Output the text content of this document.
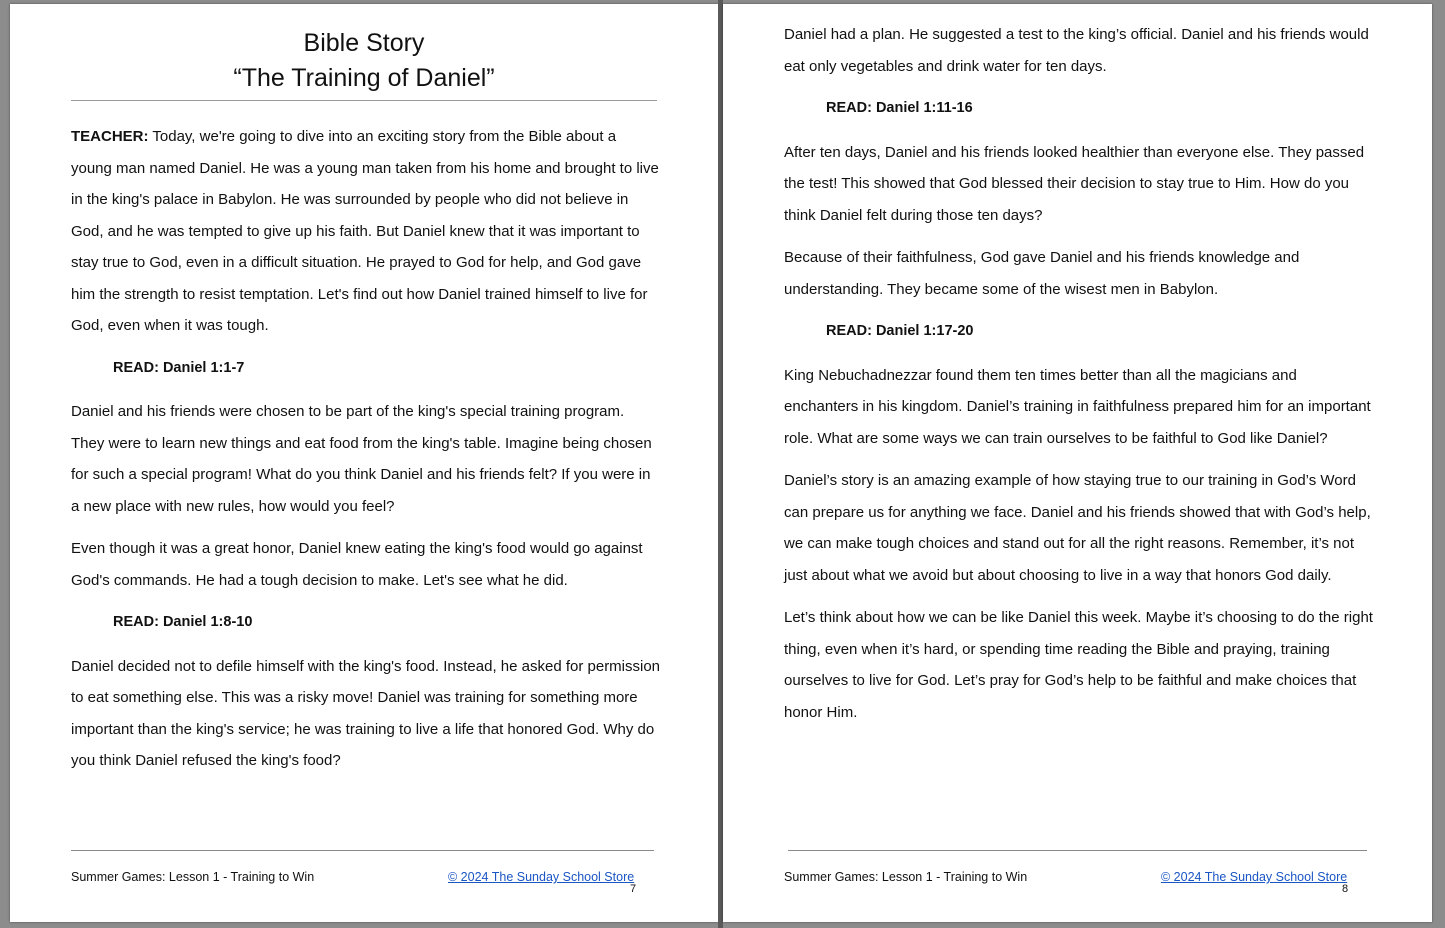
Bible Story
“The Training of Daniel”

TEACHER: Today, we're going to dive into an exciting story from the Bible about a young man named Daniel. He was a young man taken from his home and brought to live in the king's palace in Babylon. He was surrounded by people who did not believe in God, and he was tempted to give up his faith. But Daniel knew that it was important to stay true to God, even in a difficult situation. He prayed to God for help, and God gave him the strength to resist temptation. Let's find out how Daniel trained himself to live for God, even when it was tough.

READ: Daniel 1:1-7

Daniel and his friends were chosen to be part of the king's special training program. They were to learn new things and eat food from the king's table. Imagine being chosen for such a special program! What do you think Daniel and his friends felt? If you were in a new place with new rules, how would you feel?

Even though it was a great honor, Daniel knew eating the king's food would go against God's commands. He had a tough decision to make. Let's see what he did.

READ: Daniel 1:8-10

Daniel decided not to defile himself with the king's food. Instead, he asked for permission to eat something else. This was a risky move! Daniel was training for something more important than the king's service; he was training to live a life that honored God. Why do you think Daniel refused the king's food?

Summer Games: Lesson 1 - Training to Win	© 2024 The Sunday School Store
7

Daniel had a plan. He suggested a test to the king’s official. Daniel and his friends would eat only vegetables and drink water for ten days.

READ: Daniel 1:11-16

After ten days, Daniel and his friends looked healthier than everyone else. They passed the test! This showed that God blessed their decision to stay true to Him. How do you think Daniel felt during those ten days?

Because of their faithfulness, God gave Daniel and his friends knowledge and understanding. They became some of the wisest men in Babylon.

READ: Daniel 1:17-20

King Nebuchadnezzar found them ten times better than all the magicians and enchanters in his kingdom. Daniel’s training in faithfulness prepared him for an important role. What are some ways we can train ourselves to be faithful to God like Daniel?

Daniel’s story is an amazing example of how staying true to our training in God’s Word can prepare us for anything we face. Daniel and his friends showed that with God’s help, we can make tough choices and stand out for all the right reasons. Remember, it’s not just about what we avoid but about choosing to live in a way that honors God daily.

Let’s think about how we can be like Daniel this week. Maybe it’s choosing to do the right thing, even when it’s hard, or spending time reading the Bible and praying, training ourselves to live for God. Let’s pray for God’s help to be faithful and make choices that honor Him.

Summer Games: Lesson 1 - Training to Win	© 2024 The Sunday School Store
8
